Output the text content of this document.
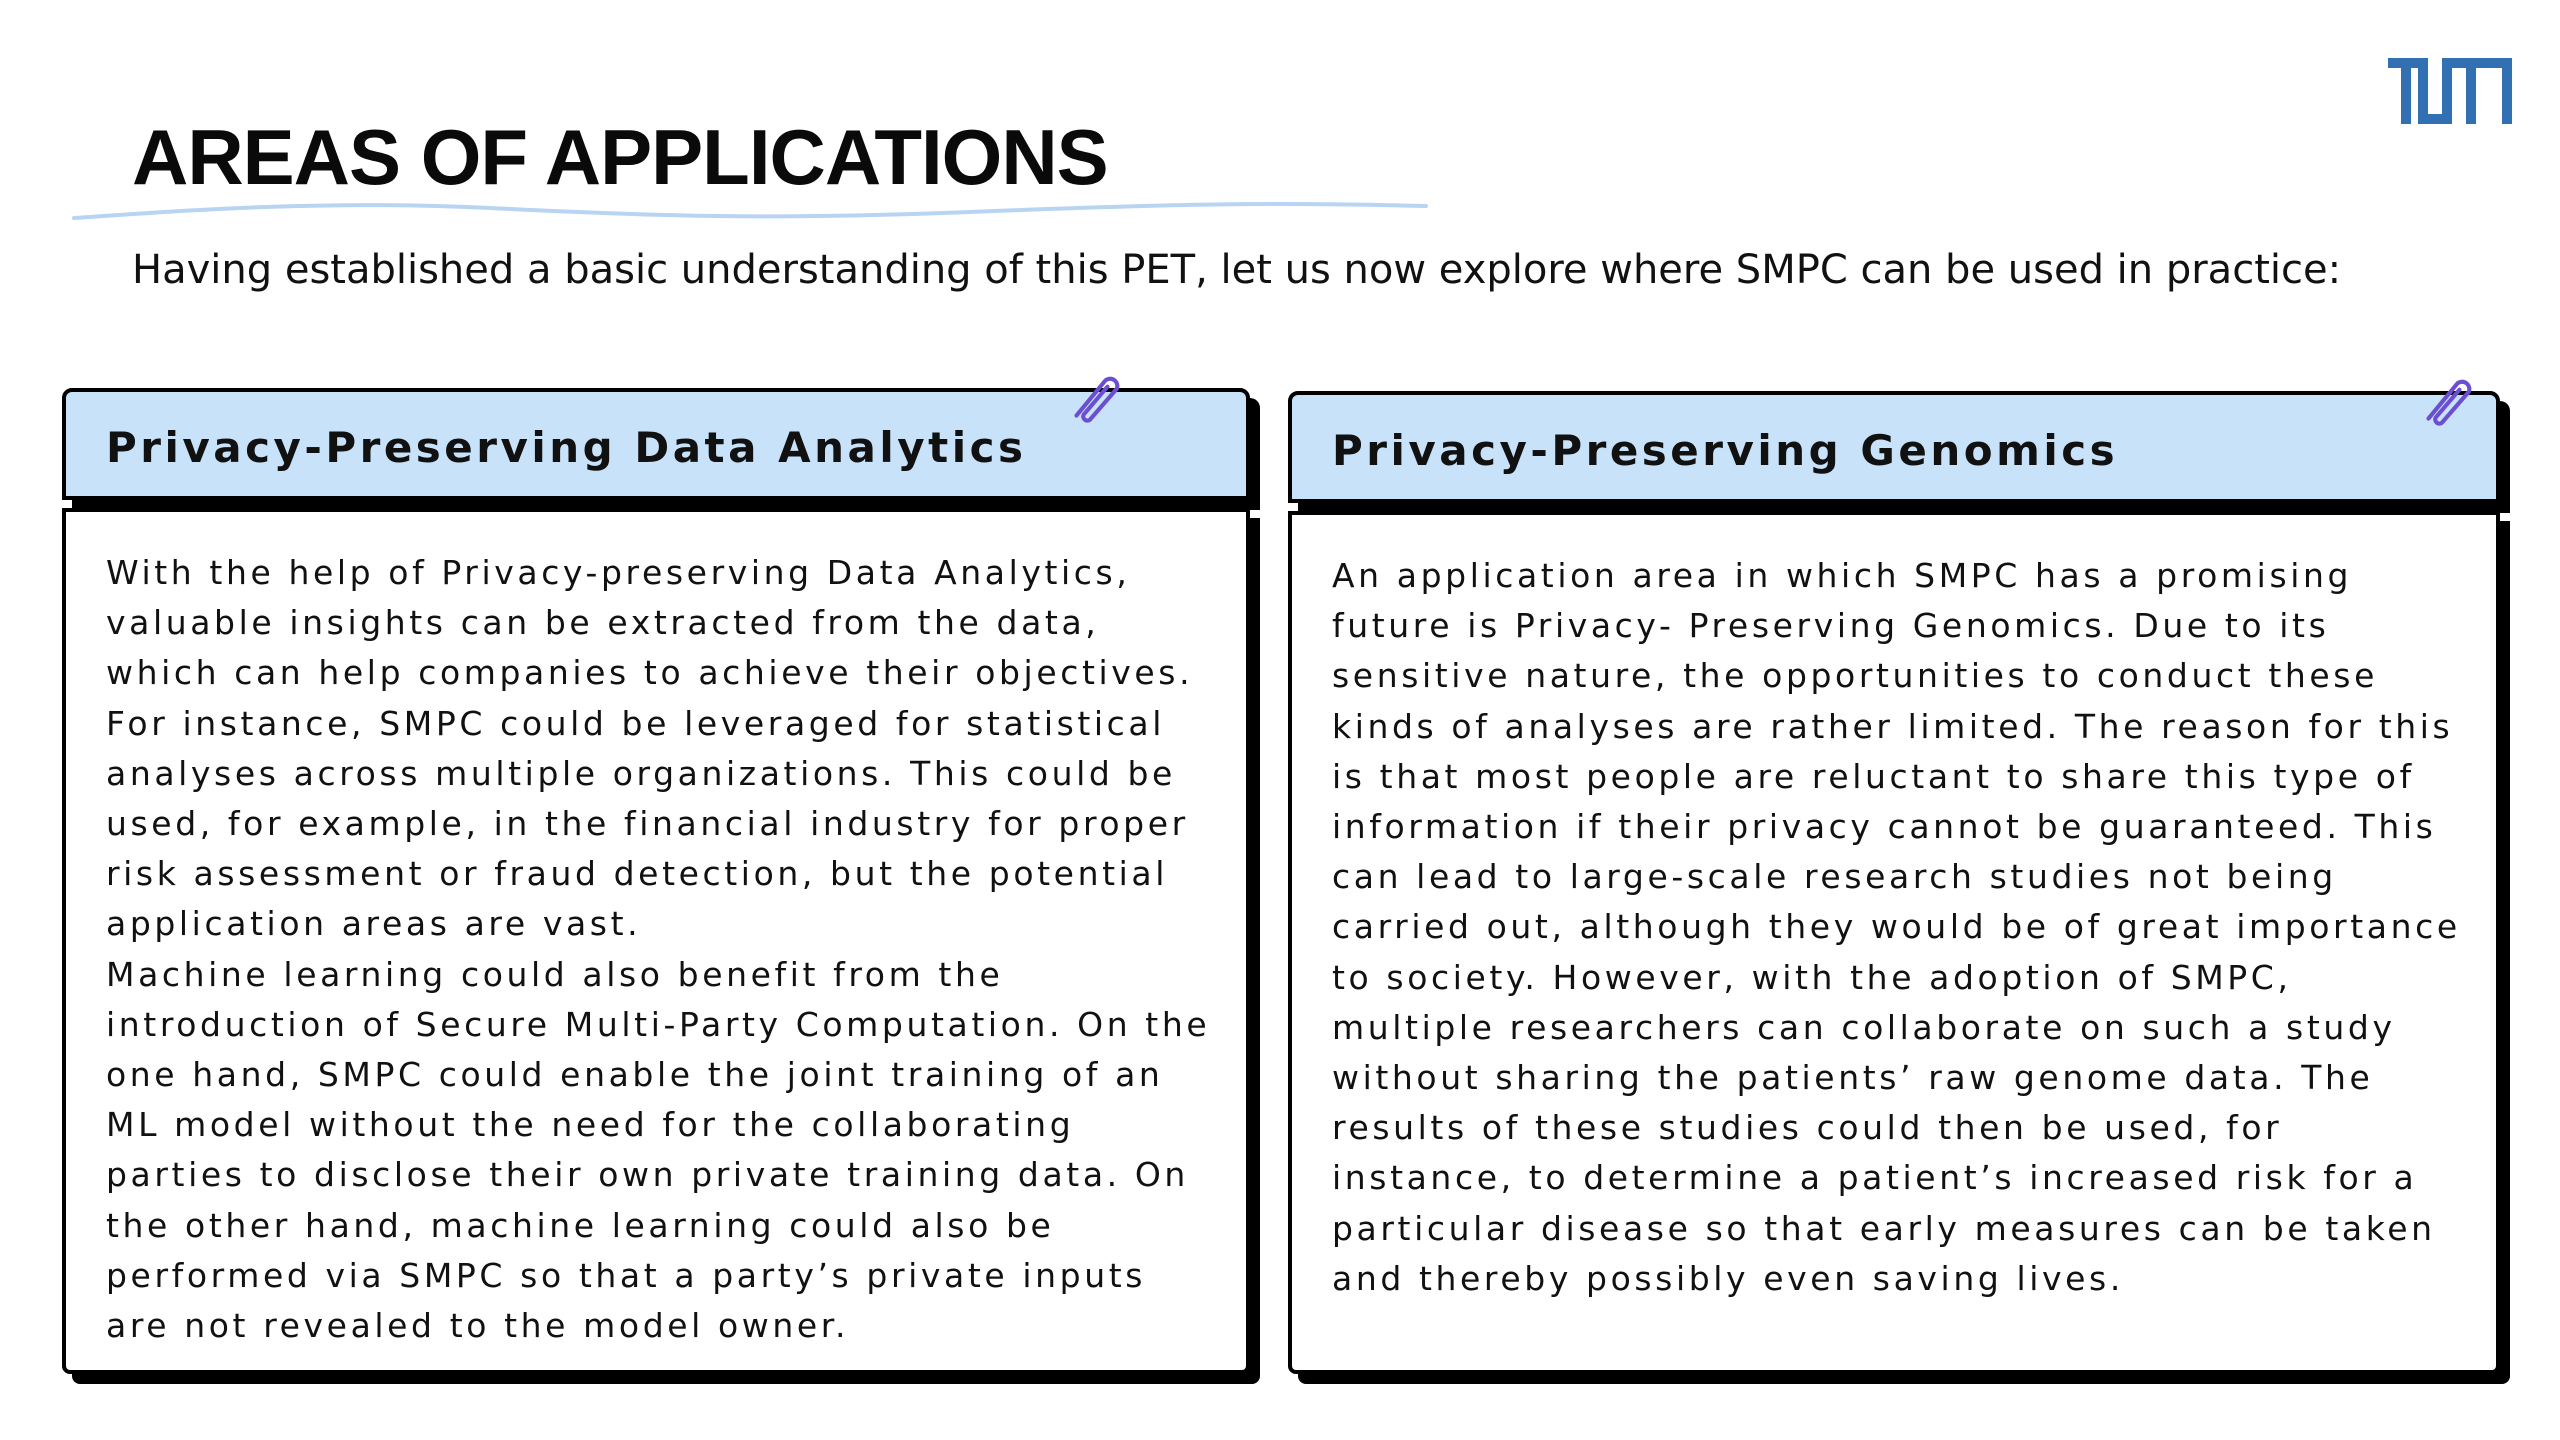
AREAS OF APPLICATIONS

Having established a basic understanding of this PET, let us now explore where SMPC can be used in practice:

Privacy-Preserving Data Analytics

With the help of Privacy-preserving Data Analytics, valuable insights can be extracted from the data, which can help companies to achieve their objectives. For instance, SMPC could be leveraged for statistical analyses across multiple organizations. This could be used, for example, in the financial industry for proper risk assessment or fraud detection, but the potential application areas are vast.

Machine learning could also benefit from the introduction of Secure Multi-Party Computation. On the one hand, SMPC could enable the joint training of an ML model without the need for the collaborating parties to disclose their own private training data. On the other hand, machine learning could also be performed via SMPC so that a party’s private inputs are not revealed to the model owner.

Privacy-Preserving Genomics

An application area in which SMPC has a promising future is Privacy- Preserving Genomics. Due to its sensitive nature, the opportunities to conduct these kinds of analyses are rather limited. The reason for this is that most people are reluctant to share this type of information if their privacy cannot be guaranteed. This can lead to large-scale research studies not being carried out, although they would be of great importance to society. However, with the adoption of SMPC, multiple researchers can collaborate on such a study without sharing the patients’ raw genome data. The results of these studies could then be used, for instance, to determine a patient’s increased risk for a particular disease so that early measures can be taken and thereby possibly even saving lives.
